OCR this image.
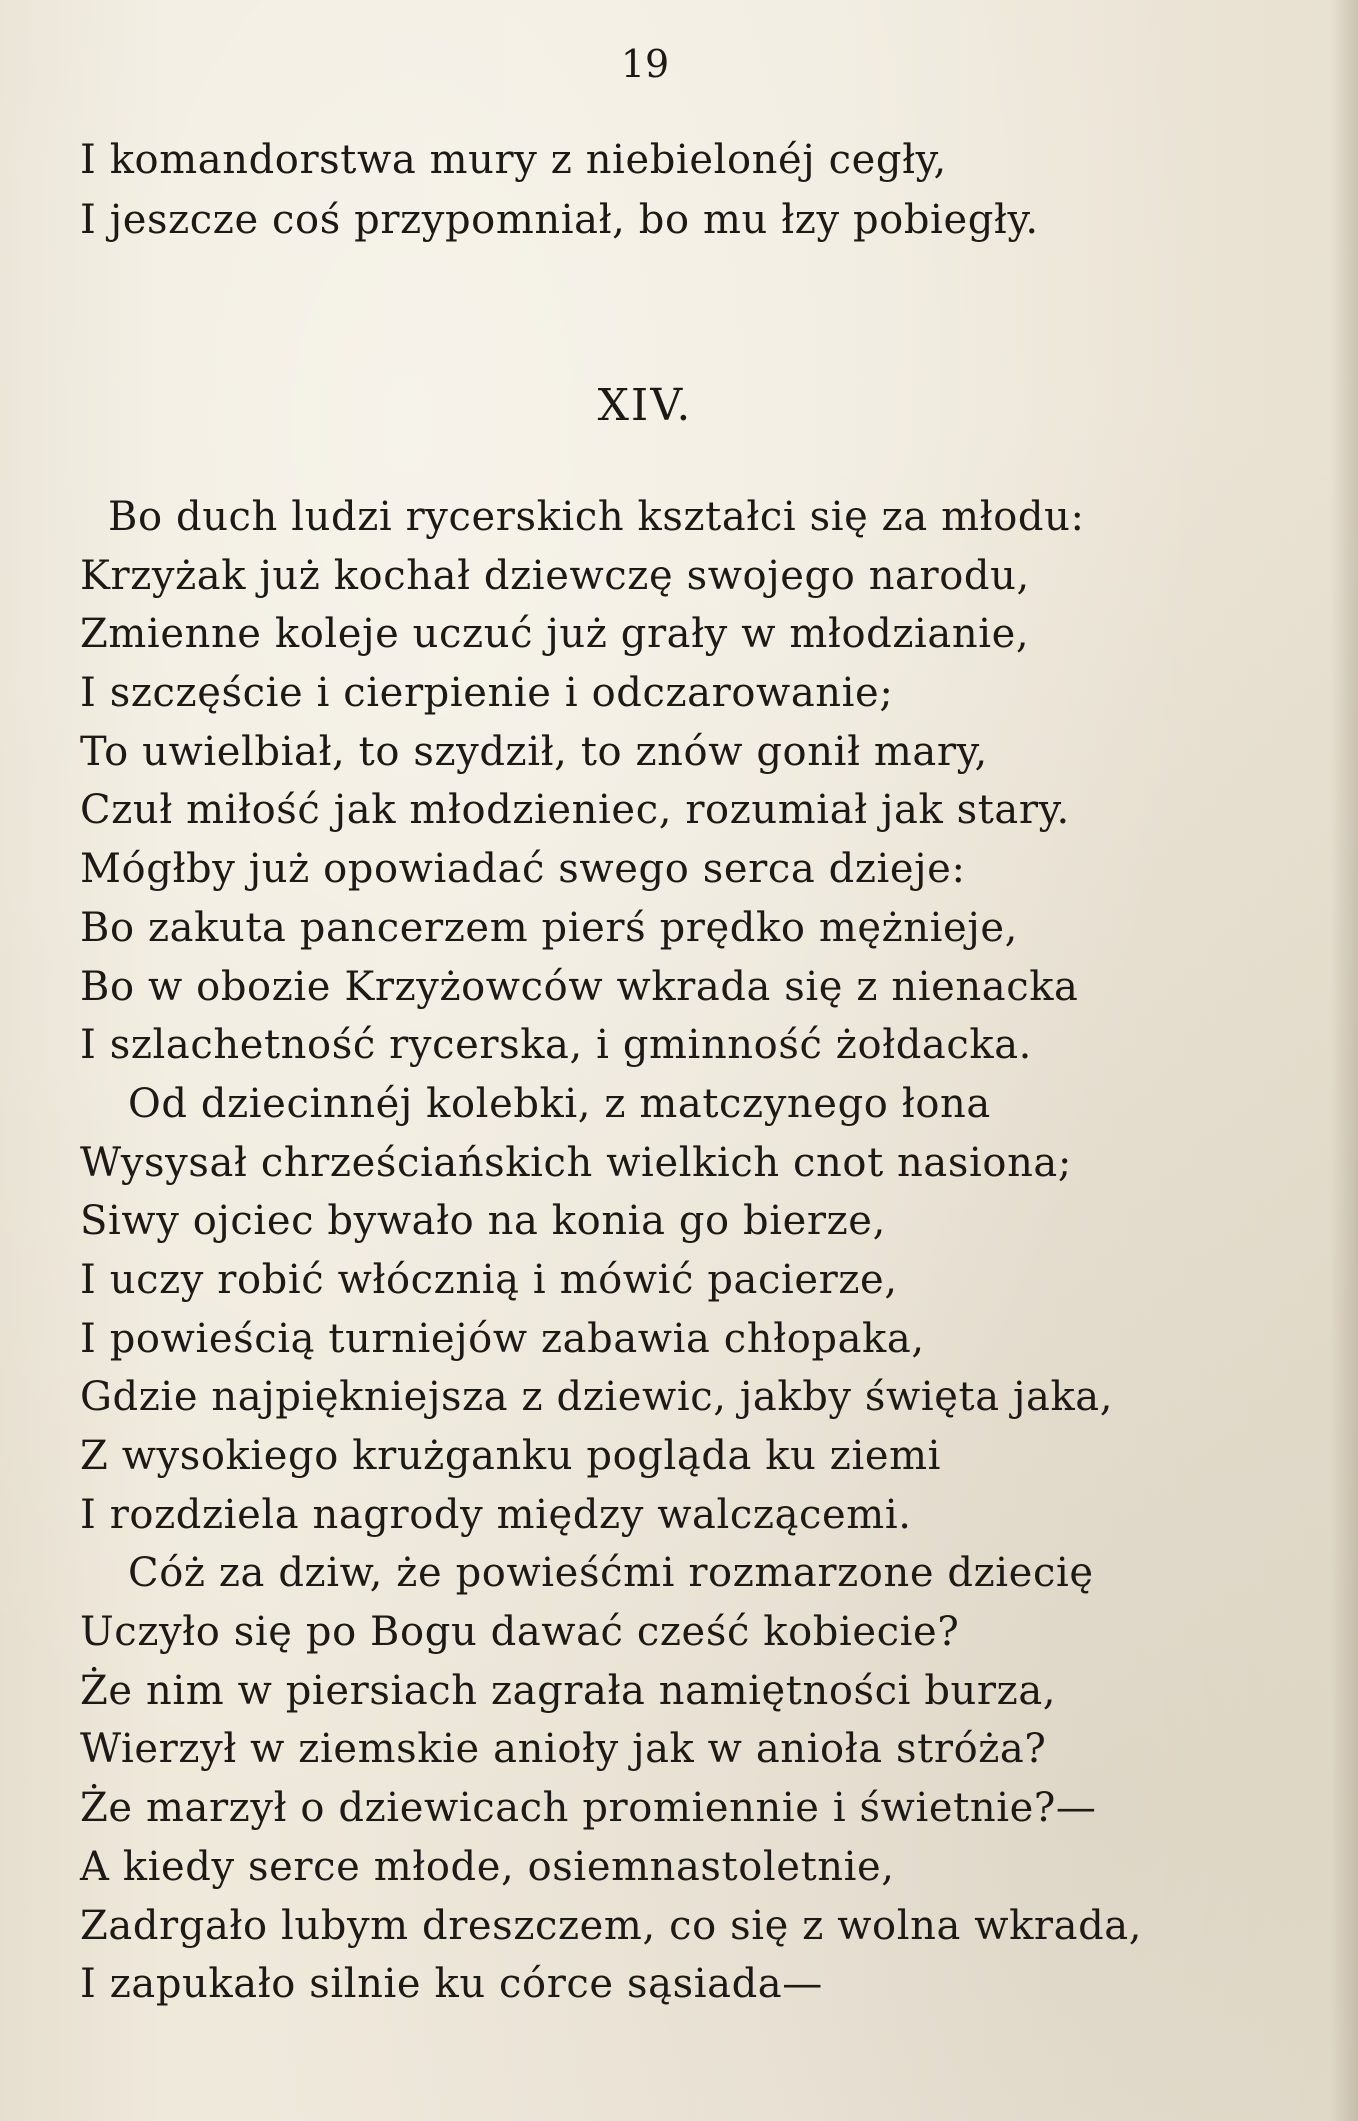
19
I komandorstwa mury z niebielonéj cegły,
I jeszcze coś przypomniał, bo mu łzy pobiegły.
XIV.
Bo duch ludzi rycerskich kształci się za młodu:
Krzyżak już kochał dziewczę swojego narodu,
Zmienne koleje uczuć już grały w młodzianie,
I szczęście i cierpienie i odczarowanie;
To uwielbiał, to szydził, to znów gonił mary,
Czuł miłość jak młodzieniec, rozumiał jak stary.
Mógłby już opowiadać swego serca dzieje:
Bo zakuta pancerzem pierś prędko mężnieje,
Bo w obozie Krzyżowców wkrada się z nienacka
I szlachetność rycerska, i gminność żołdacka.
Od dziecinnéj kolebki, z matczynego łona
Wysysał chrześciańskich wielkich cnot nasiona;
Siwy ojciec bywało na konia go bierze,
I uczy robić włócznią i mówić pacierze,
I powieścią turniejów zabawia chłopaka,
Gdzie najpiękniejsza z dziewic, jakby święta jaka,
Z wysokiego krużganku pogląda ku ziemi
I rozdziela nagrody między walczącemi.
Cóż za dziw, że powieśćmi rozmarzone dziecię
Uczyło się po Bogu dawać cześć kobiecie?
Że nim w piersiach zagrała namiętności burza,
Wierzył w ziemskie anioły jak w anioła stróża?
Że marzył o dziewicach promiennie i świetnie?—
A kiedy serce młode, osiemnastoletnie,
Zadrgało lubym dreszczem, co się z wolna wkrada,
I zapukało silnie ku córce sąsiada—
